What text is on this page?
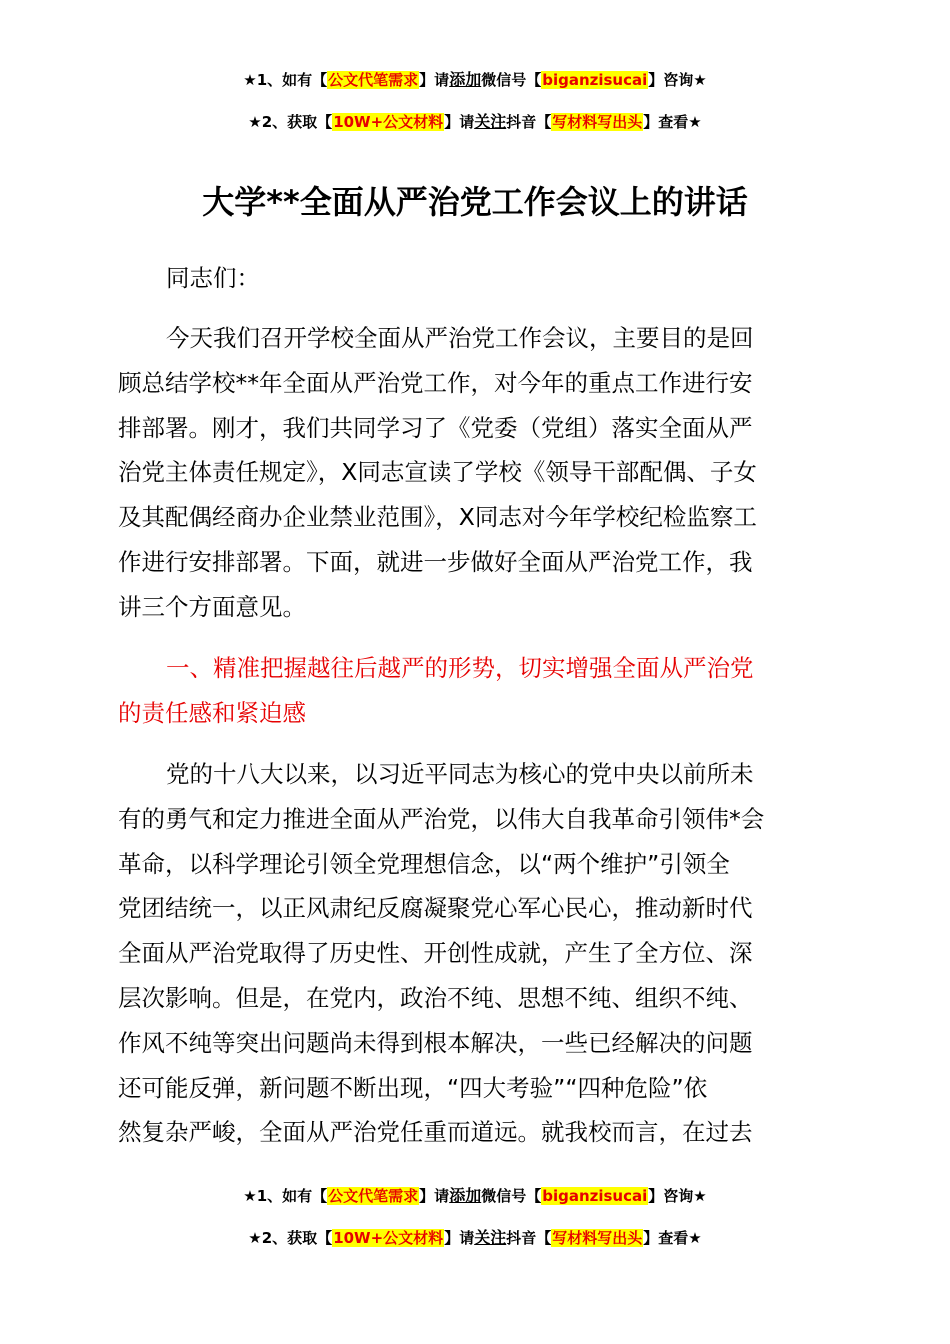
★1、如有【公文代笔需求】请添加微信号【biganzisucai】咨询★
★2、获取【10W+公文材料】请关注抖音【写材料写出头】查看★
大学**全面从严治党工作会议上的讲话
同志们：
今天我们召开学校全面从严治党工作会议，主要目的是回
顾总结学校**年全面从严治党工作，对今年的重点工作进行安
排部署。刚才，我们共同学习了《党委（党组）落实全面从严
治党主体责任规定》，X同志宣读了学校《领导干部配偶、子女
及其配偶经商办企业禁业范围》，X同志对今年学校纪检监察工
作进行安排部署。下面，就进一步做好全面从严治党工作，我
讲三个方面意见。
一、精准把握越往后越严的形势，切实增强全面从严治党
的责任感和紧迫感
党的十八大以来，以习近平同志为核心的党中央以前所未
有的勇气和定力推进全面从严治党，以伟大自我革命引领伟*会
革命，以科学理论引领全党理想信念，以“两个维护”引领全
党团结统一，以正风肃纪反腐凝聚党心军心民心，推动新时代
全面从严治党取得了历史性、开创性成就，产生了全方位、深
层次影响。但是，在党内，政治不纯、思想不纯、组织不纯、
作风不纯等突出问题尚未得到根本解决，一些已经解决的问题
还可能反弹，新问题不断出现，“四大考验”“四种危险”依
然复杂严峻，全面从严治党任重而道远。就我校而言，在过去
★1、如有【公文代笔需求】请添加微信号【biganzisucai】咨询★
★2、获取【10W+公文材料】请关注抖音【写材料写出头】查看★
